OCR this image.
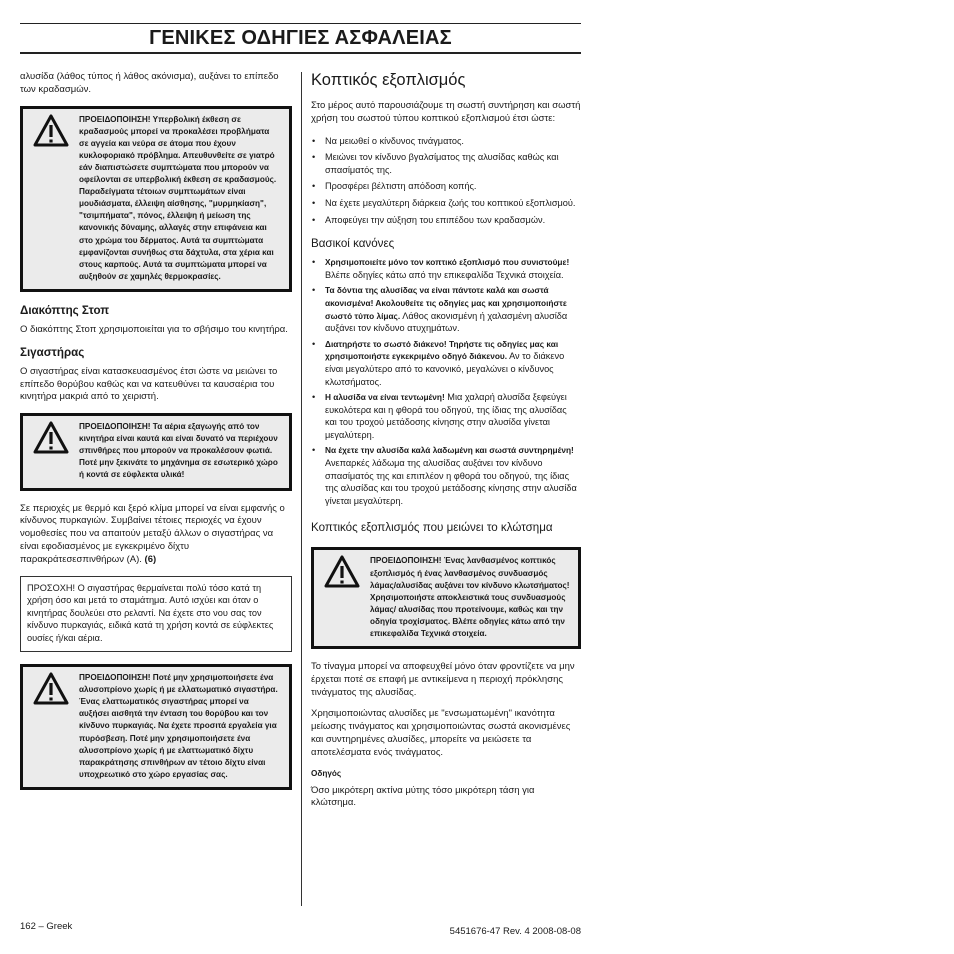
ΓΕΝΙΚΕΣ ΟΔΗΓΙΕΣ ΑΣΦΑΛΕΙΑΣ

αλυσίδα (λάθος τύπος ή λάθος ακόνισμα), αυξάνει το επίπεδο των κραδασμών.

ΠΡΟΕΙΔΟΠΟΙΗΣΗ! Υπερβολική έκθεση σε κραδασμούς μπορεί να προκαλέσει προβλήματα σε αγγεία και νεύρα σε άτομα που έχουν κυκλοφοριακό πρόβλημα. Απευθυνθείτε σε γιατρό εάν διαπιστώσετε συμπτώματα που μπορούν να οφείλονται σε υπερβολική έκθεση σε κραδασμούς. Παραδείγματα τέτοιων συμπτωμάτων είναι μουδιάσματα, έλλειψη αίσθησης, "μυρμηκίαση", "τσιμπήματα", πόνος, έλλειψη ή μείωση της κανονικής δύναμης, αλλαγές στην επιφάνεια και στο χρώμα του δέρματος. Αυτά τα συμπτώματα εμφανίζονται συνήθως στα δάχτυλα, στα χέρια και στους καρπούς. Αυτά τα συμπτώματα μπορεί να αυξηθούν σε χαμηλές θερμοκρασίες.
Διακόπτης Στοπ

Ο διακόπτης Στοπ χρησιμοποιείται για το σβήσιμο του κινητήρα.

Σιγαστήρας

Ο σιγαστήρας είναι κατασκευασμένος έτσι ώστε να μειώνει το επίπεδο θορύβου καθώς και να κατευθύνει τα καυσαέρια του κινητήρα μακριά από το χειριστή.

ΠΡΟΕΙΔΟΠΟΙΗΣΗ! Τα αέρια εξαγωγής από τον κινητήρα είναι καυτά και είναι δυνατό να περιέχουν σπινθήρες που μπορούν να προκαλέσουν φωτιά. Ποτέ μην ξεκινάτε το μηχάνημα σε εσωτερικό χώρο ή κοντά σε εύφλεκτα υλικά!

Σε περιοχές με θερμό και ξερό κλίμα μπορεί να είναι εμφανής ο κίνδυνος πυρκαγιών. Συμβαίνει τέτοιες περιοχές να έχουν νομοθεσίες που να απαιτούν μεταξύ άλλων ο σιγαστήρας να είναι εφοδιασμένος με εγκεκριμένο δίχτυ παρακράτεσεσπινθήρων (A). (6)

ΠΡΟΣΟΧΗ! Ο σιγαστήρας θερμαίνεται πολύ τόσο κατά τη χρήση όσο και μετά το σταμάτημα. Αυτό ισχύει και όταν ο κινητήρας δουλεύει στο ρελαντί. Να έχετε στο νου σας τον κίνδυνο πυρκαγιάς, ειδικά κατά τη χρήση κοντά σε εύφλεκτες ουσίες ή/και αέρια.

ΠΡΟΕΙΔΟΠΟΙΗΣΗ! Ποτέ μην χρησιμοποιήσετε ένα αλυσοπρίονο χωρίς ή με ελλατωματικό σιγαστήρα. Ένας ελαττωματικός σιγαστήρας μπορεί να αυξήσει αισθητά την ένταση του θορύβου και τον κίνδυνο πυρκαγιάς. Να έχετε προσιτά εργαλεία για πυρόσβεση. Ποτέ μην χρησιμοποιήσετε ένα αλυσοπρίονο χωρίς ή με ελαττωματικό δίχτυ παρακράτησης σπινθήρων αν τέτοιο δίχτυ είναι υποχρεωτικό στο χώρο εργασίας σας.
Κοπτικός εξοπλισμός

Στο μέρος αυτό παρουσιάζουμε τη σωστή συντήρηση και σωστή χρήση του σωστού τύπου κοπτικού εξοπλισμού έτσι ώστε:

• Να μειωθεί ο κίνδυνος τινάγματος.
• Μειώνει τον κίνδυνο βγαλσίματος της αλυσίδας καθώς και σπασίματός της.
• Προσφέρει βέλτιστη απόδοση κοπής.
• Να έχετε μεγαλύτερη διάρκεια ζωής του κοπτικού εξοπλισμού.
• Αποφεύγει την αύξηση του επιπέδου των κραδασμών.
Βασικοί κανόνες
• Χρησιμοποιείτε μόνο τον κοπτικό εξοπλισμό που συνιστούμε! Βλέπε οδηγίες κάτω από την επικεφαλίδα Τεχνικά στοιχεία.
• Τα δόντια της αλυσίδας να είναι πάντοτε καλά και σωστά ακονισμένα! Ακολουθείτε τις οδηγίες μας και χρησιμοποιήστε σωστό τύπο λίμας. Λάθος ακονισμένη ή χαλασμένη αλυσίδα αυξάνει τον κίνδυνο ατυχημάτων.
• Διατηρήστε το σωστό διάκενο! Τηρήστε τις οδηγίες μας και χρησιμοποιήστε εγκεκριμένο οδηγό διάκενου. Αν το διάκενο είναι μεγαλύτερο από το κανονικό, μεγαλώνει ο κίνδυνος κλωτσήματος.
• Η αλυσίδα να είναι τεντωμένη! Μια χαλαρή αλυσίδα ξεφεύγει ευκολότερα και η φθορά του οδηγού, της ίδιας της αλυσίδας και του τροχού μετάδοσης κίνησης στην αλυσίδα γίνεται μεγαλύτερη.
• Να έχετε την αλυσίδα καλά λαδωμένη και σωστά συντηρημένη! Ανεπαρκές λάδωμα της αλυσίδας αυξάνει τον κίνδυνο σπασίματός της και επιπλέον η φθορά του οδηγού, της ίδιας της αλυσίδας και του τροχού μετάδοσης κίνησης στην αλυσίδα γίνεται μεγαλύτερη.
Κοπτικός εξοπλισμός που μειώνει το κλώτσημα
ΠΡΟΕΙΔΟΠΟΙΗΣΗ! Ένας λανθασμένος κοπτικός εξοπλισμός ή ένας λανθασμένος συνδυασμός λάμας/αλυσίδας αυξάνει τον κίνδυνο κλωτσήματος! Χρησιμοποιήστε αποκλειστικά τους συνδυασμούς λάμας/ αλυσίδας που προτείνουμε, καθώς και την οδηγία τροχίσματος. Βλέπε οδηγίες κάτω από την επικεφαλίδα Τεχνικά στοιχεία.

Το τίναγμα μπορεί να αποφευχθεί μόνο όταν φροντίζετε να μην έρχεται ποτέ σε επαφή με αντικείμενα η περιοχή πρόκλησης τινάγματος της αλυσίδας.

Χρησιμοποιώντας αλυσίδες με "ενσωματωμένη" ικανότητα μείωσης τινάγματος και χρησιμοποιώντας σωστά ακονισμένες και συντηρημένες αλυσίδες, μπορείτε να μειώσετε τα αποτελέσματα ενός τινάγματος.

Οδηγός

Όσο μικρότερη ακτίνα μύτης τόσο μικρότερη τάση για κλώτσημα.

162 – Greek	5451676-47 Rev. 4 2008-08-08
